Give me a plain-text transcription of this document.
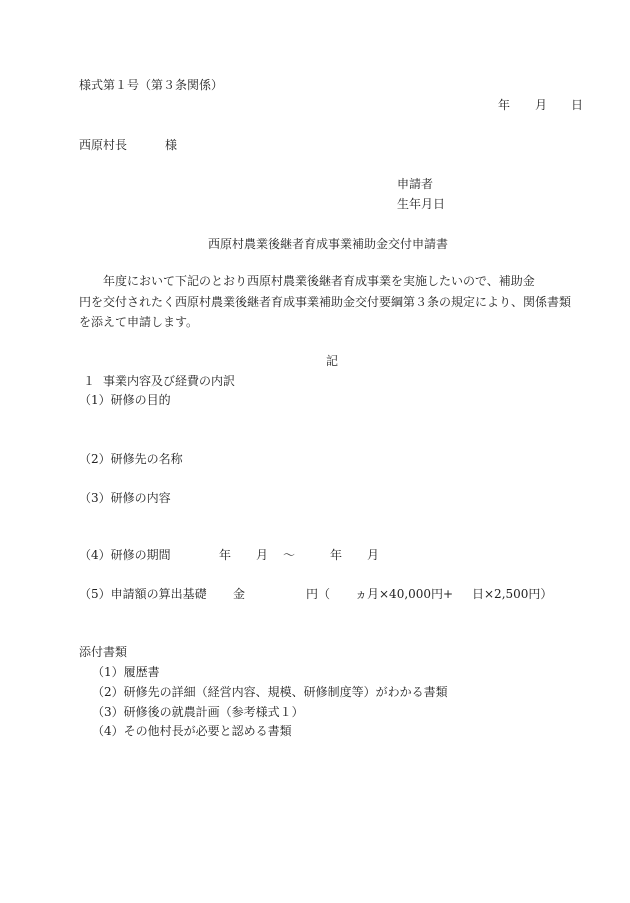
様式第１号（第３条関係）
年 月 日
西原村長	様
申請者
生年月日
西原村農業後継者育成事業補助金交付申請書
年度において下記のとおり西原村農業後継者育成事業を実施したいので、補助金
円を交付されたく西原村農業後継者育成事業補助金交付要綱第３条の規定により、関係書類
を添えて申請します。
記
１ 事業内容及び経費の内訳
（1）研修の目的
（2）研修先の名称
（3）研修の内容
（4）研修の期間	年 月 〜	年 月
（5）申請額の算出基礎 金	円（ ヵ月×40,000円+ 日×2,500円）
添付書類
（1）履歴書
（2）研修先の詳細（経営内容、規模、研修制度等）がわかる書類
（3）研修後の就農計画（参考様式１）
（4）その他村長が必要と認める書類
